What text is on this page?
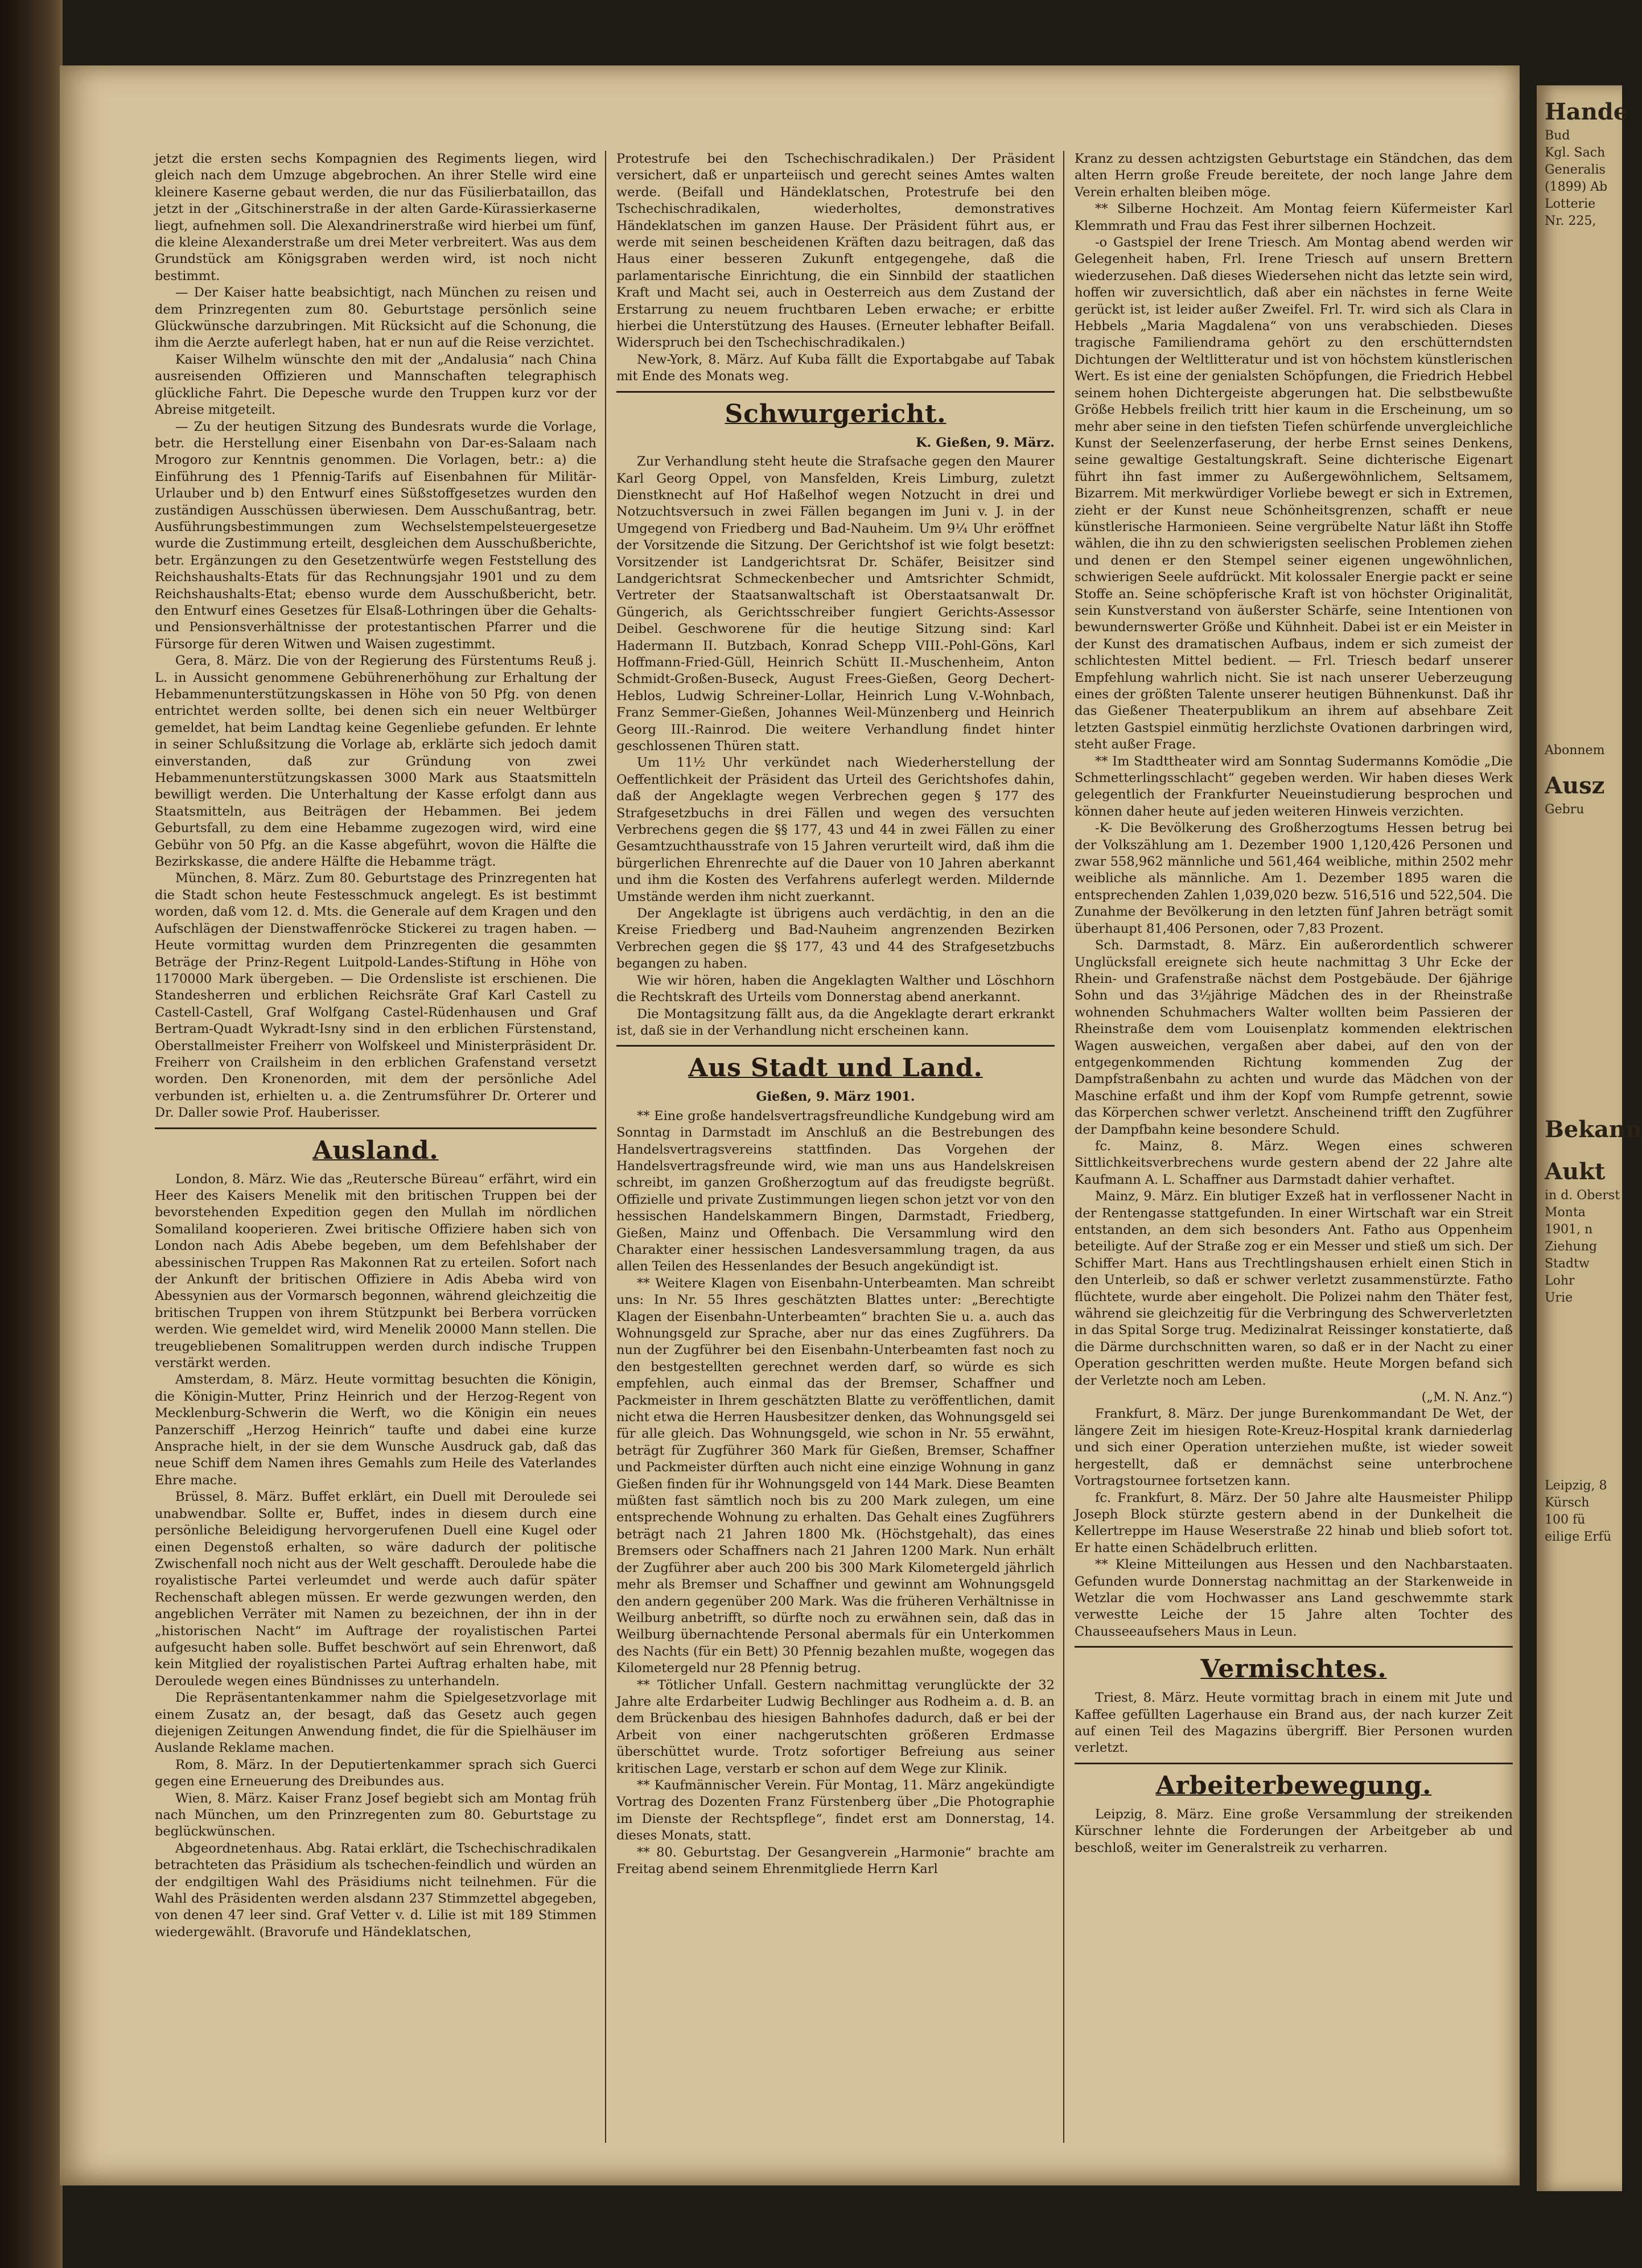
Hande
Bud
Kgl. Sach
Generalis
(1899) Ab
Lotterie
Nr. 225,
Abonnem
Ausz
Gebru
Bekann
Aukt
in d. Oberst
Monta
1901, n
Ziehung
Stadtw
Lohr
Urie
Leipzig, 8
Kürsch
100 fü
eilige Erfü

jetzt die ersten sechs Kompagnien des Regiments liegen, wird gleich nach dem Umzuge abgebrochen. An ihrer Stelle wird eine kleinere Kaserne gebaut werden, die nur das Füsilierbataillon, das jetzt in der „Gitschinerstraße in der alten Garde-Kürassierkaserne liegt, aufnehmen soll. Die Alexandrinerstraße wird hierbei um fünf, die kleine Alexanderstraße um drei Meter verbreitert. Was aus dem Grundstück am Königsgraben werden wird, ist noch nicht bestimmt.

— Der Kaiser hatte beabsichtigt, nach München zu reisen und dem Prinzregenten zum 80. Geburtstage persönlich seine Glückwünsche darzubringen. Mit Rücksicht auf die Schonung, die ihm die Aerzte auferlegt haben, hat er nun auf die Reise verzichtet.

Kaiser Wilhelm wünschte den mit der „Andalusia“ nach China ausreisenden Offizieren und Mannschaften telegraphisch glückliche Fahrt. Die Depesche wurde den Truppen kurz vor der Abreise mitgeteilt.

— Zu der heutigen Sitzung des Bundesrats wurde die Vorlage, betr. die Herstellung einer Eisenbahn von Dar-es-Salaam nach Mrogoro zur Kenntnis genommen. Die Vorlagen, betr.: a) die Einführung des 1 Pfennig-Tarifs auf Eisenbahnen für Militär-Urlauber und b) den Entwurf eines Süßstoffgesetzes wurden den zuständigen Ausschüssen überwiesen. Dem Ausschußantrag, betr. Ausführungsbestimmungen zum Wechselstempelsteuergesetze wurde die Zustimmung erteilt, desgleichen dem Ausschußberichte, betr. Ergänzungen zu den Gesetzentwürfe wegen Feststellung des Reichshaushalts-Etats für das Rechnungsjahr 1901 und zu dem Reichshaushalts-Etat; ebenso wurde dem Ausschußbericht, betr. den Entwurf eines Gesetzes für Elsaß-Lothringen über die Gehalts- und Pensionsverhältnisse der protestantischen Pfarrer und die Fürsorge für deren Witwen und Waisen zugestimmt.

Gera, 8. März. Die von der Regierung des Fürstentums Reuß j. L. in Aussicht genommene Gebührenerhöhung zur Erhaltung der Hebammenunterstützungskassen in Höhe von 50 Pfg. von denen entrichtet werden sollte, bei denen sich ein neuer Weltbürger gemeldet, hat beim Landtag keine Gegenliebe gefunden. Er lehnte in seiner Schlußsitzung die Vorlage ab, erklärte sich jedoch damit einverstanden, daß zur Gründung von zwei Hebammenunterstützungskassen 3000 Mark aus Staatsmitteln bewilligt werden. Die Unterhaltung der Kasse erfolgt dann aus Staatsmitteln, aus Beiträgen der Hebammen. Bei jedem Geburtsfall, zu dem eine Hebamme zugezogen wird, wird eine Gebühr von 50 Pfg. an die Kasse abgeführt, wovon die Hälfte die Bezirkskasse, die andere Hälfte die Hebamme trägt.

München, 8. März. Zum 80. Geburtstage des Prinzregenten hat die Stadt schon heute Festesschmuck angelegt. Es ist bestimmt worden, daß vom 12. d. Mts. die Generale auf dem Kragen und den Aufschlägen der Dienstwaffenröcke Stickerei zu tragen haben. — Heute vormittag wurden dem Prinzregenten die gesammten Beträge der Prinz-Regent Luitpold-Landes-Stiftung in Höhe von 1170000 Mark übergeben. — Die Ordensliste ist erschienen. Die Standesherren und erblichen Reichsräte Graf Karl Castell zu Castell-Castell, Graf Wolfgang Castel-Rüdenhausen und Graf Bertram-Quadt Wykradt-Isny sind in den erblichen Fürstenstand, Oberstallmeister Freiherr von Wolfskeel und Ministerpräsident Dr. Freiherr von Crailsheim in den erblichen Grafenstand versetzt worden. Den Kronenorden, mit dem der persönliche Adel verbunden ist, erhielten u. a. die Zentrumsführer Dr. Orterer und Dr. Daller sowie Prof. Hauberisser.

Ausland.

London, 8. März. Wie das „Reutersche Büreau“ erfährt, wird ein Heer des Kaisers Menelik mit den britischen Truppen bei der bevorstehenden Expedition gegen den Mullah im nördlichen Somaliland kooperieren. Zwei britische Offiziere haben sich von London nach Adis Abebe begeben, um dem Befehlshaber der abessinischen Truppen Ras Makonnen Rat zu erteilen. Sofort nach der Ankunft der britischen Offiziere in Adis Abeba wird von Abessynien aus der Vormarsch begonnen, während gleichzeitig die britischen Truppen von ihrem Stützpunkt bei Berbera vorrücken werden. Wie gemeldet wird, wird Menelik 20000 Mann stellen. Die treugebliebenen Somalitruppen werden durch indische Truppen verstärkt werden.

Amsterdam, 8. März. Heute vormittag besuchten die Königin, die Königin-Mutter, Prinz Heinrich und der Herzog-Regent von Mecklenburg-Schwerin die Werft, wo die Königin ein neues Panzerschiff „Herzog Heinrich“ taufte und dabei eine kurze Ansprache hielt, in der sie dem Wunsche Ausdruck gab, daß das neue Schiff dem Namen ihres Gemahls zum Heile des Vaterlandes Ehre mache.

Brüssel, 8. März. Buffet erklärt, ein Duell mit Deroulede sei unabwendbar. Sollte er, Buffet, indes in diesem durch eine persönliche Beleidigung hervorgerufenen Duell eine Kugel oder einen Degenstoß erhalten, so wäre dadurch der politische Zwischenfall noch nicht aus der Welt geschafft. Deroulede habe die royalistische Partei verleumdet und werde auch dafür später Rechenschaft ablegen müssen. Er werde gezwungen werden, den angeblichen Verräter mit Namen zu bezeichnen, der ihn in der „historischen Nacht“ im Auftrage der royalistischen Partei aufgesucht haben solle. Buffet beschwört auf sein Ehrenwort, daß kein Mitglied der royalistischen Partei Auftrag erhalten habe, mit Deroulede wegen eines Bündnisses zu unterhandeln.

Die Repräsentantenkammer nahm die Spielgesetzvorlage mit einem Zusatz an, der besagt, daß das Gesetz auch gegen diejenigen Zeitungen Anwendung findet, die für die Spielhäuser im Auslande Reklame machen.

Rom, 8. März. In der Deputiertenkammer sprach sich Guerci gegen eine Erneuerung des Dreibundes aus.

Wien, 8. März. Kaiser Franz Josef begiebt sich am Montag früh nach München, um den Prinzregenten zum 80. Geburtstage zu beglückwünschen.

Abgeordnetenhaus. Abg. Ratai erklärt, die Tschechischradikalen betrachteten das Präsidium als tschechen-feindlich und würden an der endgiltigen Wahl des Präsidiums nicht teilnehmen. Für die Wahl des Präsidenten werden alsdann 237 Stimmzettel abgegeben, von denen 47 leer sind. Graf Vetter v. d. Lilie ist mit 189 Stimmen wiedergewählt. (Bravorufe und Händeklatschen,

Protestrufe bei den Tschechischradikalen.) Der Präsident versichert, daß er unparteiisch und gerecht seines Amtes walten werde. (Beifall und Händeklatschen, Protestrufe bei den Tschechischradikalen, wiederholtes, demonstratives Händeklatschen im ganzen Hause. Der Präsident führt aus, er werde mit seinen bescheidenen Kräften dazu beitragen, daß das Haus einer besseren Zukunft entgegengehe, daß die parlamentarische Einrichtung, die ein Sinnbild der staatlichen Kraft und Macht sei, auch in Oesterreich aus dem Zustand der Erstarrung zu neuem fruchtbaren Leben erwache; er erbitte hierbei die Unterstützung des Hauses. (Erneuter lebhafter Beifall. Widerspruch bei den Tschechischradikalen.)

New-York, 8. März. Auf Kuba fällt die Exportabgabe auf Tabak mit Ende des Monats weg.

Schwurgericht.
K. Gießen, 9. März.

Zur Verhandlung steht heute die Strafsache gegen den Maurer Karl Georg Oppel, von Mansfelden, Kreis Limburg, zuletzt Dienstknecht auf Hof Haßelhof wegen Notzucht in drei und Notzuchtsversuch in zwei Fällen begangen im Juni v. J. in der Umgegend von Friedberg und Bad-Nauheim. Um 9¼ Uhr eröffnet der Vorsitzende die Sitzung. Der Gerichtshof ist wie folgt besetzt: Vorsitzender ist Landgerichtsrat Dr. Schäfer, Beisitzer sind Landgerichtsrat Schmeckenbecher und Amtsrichter Schmidt, Vertreter der Staatsanwaltschaft ist Oberstaatsanwalt Dr. Güngerich, als Gerichtsschreiber fungiert Gerichts-Assessor Deibel. Geschworene für die heutige Sitzung sind: Karl Hadermann II. Butzbach, Konrad Schepp VIII.-Pohl-Göns, Karl Hoffmann-Fried-Güll, Heinrich Schütt II.-Muschenheim, Anton Schmidt-Großen-Buseck, August Frees-Gießen, Georg Dechert-Heblos, Ludwig Schreiner-Lollar, Heinrich Lung V.-Wohnbach, Franz Semmer-Gießen, Johannes Weil-Münzenberg und Heinrich Georg III.-Rainrod. Die weitere Verhandlung findet hinter geschlossenen Thüren statt.

Um 11½ Uhr verkündet nach Wiederherstellung der Oeffentlichkeit der Präsident das Urteil des Gerichtshofes dahin, daß der Angeklagte wegen Verbrechen gegen § 177 des Strafgesetzbuchs in drei Fällen und wegen des versuchten Verbrechens gegen die §§ 177, 43 und 44 in zwei Fällen zu einer Gesamtzuchthausstrafe von 15 Jahren verurteilt wird, daß ihm die bürgerlichen Ehrenrechte auf die Dauer von 10 Jahren aberkannt und ihm die Kosten des Verfahrens auferlegt werden. Mildernde Umstände werden ihm nicht zuerkannt.

Der Angeklagte ist übrigens auch verdächtig, in den an die Kreise Friedberg und Bad-Nauheim angrenzenden Bezirken Verbrechen gegen die §§ 177, 43 und 44 des Strafgesetzbuchs begangen zu haben.

Wie wir hören, haben die Angeklagten Walther und Löschhorn die Rechtskraft des Urteils vom Donnerstag abend anerkannt.

Die Montagsitzung fällt aus, da die Angeklagte derart erkrankt ist, daß sie in der Verhandlung nicht erscheinen kann.

Aus Stadt und Land.
Gießen, 9. März 1901.

** Eine große handelsvertragsfreundliche Kundgebung wird am Sonntag in Darmstadt im Anschluß an die Bestrebungen des Handelsvertragsvereins stattfinden. Das Vorgehen der Handelsvertragsfreunde wird, wie man uns aus Handelskreisen schreibt, im ganzen Großherzogtum auf das freudigste begrüßt. Offizielle und private Zustimmungen liegen schon jetzt vor von den hessischen Handelskammern Bingen, Darmstadt, Friedberg, Gießen, Mainz und Offenbach. Die Versammlung wird den Charakter einer hessischen Landesversammlung tragen, da aus allen Teilen des Hessenlandes der Besuch angekündigt ist.

** Weitere Klagen von Eisenbahn-Unterbeamten. Man schreibt uns: In Nr. 55 Ihres geschätzten Blattes unter: „Berechtigte Klagen der Eisenbahn-Unterbeamten“ brachten Sie u. a. auch das Wohnungsgeld zur Sprache, aber nur das eines Zugführers. Da nun der Zugführer bei den Eisenbahn-Unterbeamten fast noch zu den bestgestellten gerechnet werden darf, so würde es sich empfehlen, auch einmal das der Bremser, Schaffner und Packmeister in Ihrem geschätzten Blatte zu veröffentlichen, damit nicht etwa die Herren Hausbesitzer denken, das Wohnungsgeld sei für alle gleich. Das Wohnungsgeld, wie schon in Nr. 55 erwähnt, beträgt für Zugführer 360 Mark für Gießen, Bremser, Schaffner und Packmeister dürften auch nicht eine einzige Wohnung in ganz Gießen finden für ihr Wohnungsgeld von 144 Mark. Diese Beamten müßten fast sämtlich noch bis zu 200 Mark zulegen, um eine entsprechende Wohnung zu erhalten. Das Gehalt eines Zugführers beträgt nach 21 Jahren 1800 Mk. (Höchstgehalt), das eines Bremsers oder Schaffners nach 21 Jahren 1200 Mark. Nun erhält der Zugführer aber auch 200 bis 300 Mark Kilometergeld jährlich mehr als Bremser und Schaffner und gewinnt am Wohnungsgeld den andern gegenüber 200 Mark. Was die früheren Verhältnisse in Weilburg anbetrifft, so dürfte noch zu erwähnen sein, daß das in Weilburg übernachtende Personal abermals für ein Unterkommen des Nachts (für ein Bett) 30 Pfennig bezahlen mußte, wogegen das Kilometergeld nur 28 Pfennig betrug.

** Tötlicher Unfall. Gestern nachmittag verunglückte der 32 Jahre alte Erdarbeiter Ludwig Bechlinger aus Rodheim a. d. B. an dem Brückenbau des hiesigen Bahnhofes dadurch, daß er bei der Arbeit von einer nachgerutschten größeren Erdmasse überschüttet wurde. Trotz sofortiger Befreiung aus seiner kritischen Lage, verstarb er schon auf dem Wege zur Klinik.

** Kaufmännischer Verein. Für Montag, 11. März angekündigte Vortrag des Dozenten Franz Fürstenberg über „Die Photographie im Dienste der Rechtspflege“, findet erst am Donnerstag, 14. dieses Monats, statt.

** 80. Geburtstag. Der Gesangverein „Harmonie“ brachte am Freitag abend seinem Ehrenmitgliede Herrn Karl

Kranz zu dessen achtzigsten Geburtstage ein Ständchen, das dem alten Herrn große Freude bereitete, der noch lange Jahre dem Verein erhalten bleiben möge.

** Silberne Hochzeit. Am Montag feiern Küfermeister Karl Klemmrath und Frau das Fest ihrer silbernen Hochzeit.

-o Gastspiel der Irene Triesch. Am Montag abend werden wir Gelegenheit haben, Frl. Irene Triesch auf unsern Brettern wiederzusehen. Daß dieses Wiedersehen nicht das letzte sein wird, hoffen wir zuversichtlich, daß aber ein nächstes in ferne Weite gerückt ist, ist leider außer Zweifel. Frl. Tr. wird sich als Clara in Hebbels „Maria Magdalena“ von uns verabschieden. Dieses tragische Familiendrama gehört zu den erschütterndsten Dichtungen der Weltlitteratur und ist von höchstem künstlerischen Wert. Es ist eine der genialsten Schöpfungen, die Friedrich Hebbel seinem hohen Dichtergeiste abgerungen hat. Die selbstbewußte Größe Hebbels freilich tritt hier kaum in die Erscheinung, um so mehr aber seine in den tiefsten Tiefen schürfende unvergleichliche Kunst der Seelenzerfaserung, der herbe Ernst seines Denkens, seine gewaltige Gestaltungskraft. Seine dichterische Eigenart führt ihn fast immer zu Außergewöhnlichem, Seltsamem, Bizarrem. Mit merkwürdiger Vorliebe bewegt er sich in Extremen, zieht er der Kunst neue Schönheitsgrenzen, schafft er neue künstlerische Harmonieen. Seine vergrübelte Natur läßt ihn Stoffe wählen, die ihn zu den schwierigsten seelischen Problemen ziehen und denen er den Stempel seiner eigenen ungewöhnlichen, schwierigen Seele aufdrückt. Mit kolossaler Energie packt er seine Stoffe an. Seine schöpferische Kraft ist von höchster Originalität, sein Kunstverstand von äußerster Schärfe, seine Intentionen von bewundernswerter Größe und Kühnheit. Dabei ist er ein Meister in der Kunst des dramatischen Aufbaus, indem er sich zumeist der schlichtesten Mittel bedient. — Frl. Triesch bedarf unserer Empfehlung wahrlich nicht. Sie ist nach unserer Ueberzeugung eines der größten Talente unserer heutigen Bühnenkunst. Daß ihr das Gießener Theaterpublikum an ihrem auf absehbare Zeit letzten Gastspiel einmütig herzlichste Ovationen darbringen wird, steht außer Frage.

** Im Stadttheater wird am Sonntag Sudermanns Komödie „Die Schmetterlingsschlacht“ gegeben werden. Wir haben dieses Werk gelegentlich der Frankfurter Neueinstudierung besprochen und können daher heute auf jeden weiteren Hinweis verzichten.

-K- Die Bevölkerung des Großherzogtums Hessen betrug bei der Volkszählung am 1. Dezember 1900 1,120,426 Personen und zwar 558,962 männliche und 561,464 weibliche, mithin 2502 mehr weibliche als männliche. Am 1. Dezember 1895 waren die entsprechenden Zahlen 1,039,020 bezw. 516,516 und 522,504. Die Zunahme der Bevölkerung in den letzten fünf Jahren beträgt somit überhaupt 81,406 Personen, oder 7,83 Prozent.

Sch. Darmstadt, 8. März. Ein außerordentlich schwerer Unglücksfall ereignete sich heute nachmittag 3 Uhr Ecke der Rhein- und Grafenstraße nächst dem Postgebäude. Der 6jährige Sohn und das 3½jährige Mädchen des in der Rheinstraße wohnenden Schuhmachers Walter wollten beim Passieren der Rheinstraße dem vom Louisenplatz kommenden elektrischen Wagen ausweichen, vergaßen aber dabei, auf den von der entgegenkommenden Richtung kommenden Zug der Dampfstraßenbahn zu achten und wurde das Mädchen von der Maschine erfaßt und ihm der Kopf vom Rumpfe getrennt, sowie das Körperchen schwer verletzt. Anscheinend trifft den Zugführer der Dampfbahn keine besondere Schuld.

fc. Mainz, 8. März. Wegen eines schweren Sittlichkeitsverbrechens wurde gestern abend der 22 Jahre alte Kaufmann A. L. Schaffner aus Darmstadt dahier verhaftet.

Mainz, 9. März. Ein blutiger Exzeß hat in verflossener Nacht in der Rentengasse stattgefunden. In einer Wirtschaft war ein Streit entstanden, an dem sich besonders Ant. Fatho aus Oppenheim beteiligte. Auf der Straße zog er ein Messer und stieß um sich. Der Schiffer Mart. Hans aus Trechtlingshausen erhielt einen Stich in den Unterleib, so daß er schwer verletzt zusammenstürzte. Fatho flüchtete, wurde aber eingeholt. Die Polizei nahm den Thäter fest, während sie gleichzeitig für die Verbringung des Schwerverletzten in das Spital Sorge trug. Medizinalrat Reissinger konstatierte, daß die Därme durchschnitten waren, so daß er in der Nacht zu einer Operation geschritten werden mußte. Heute Morgen befand sich der Verletzte noch am Leben.

(„M. N. Anz.“)

Frankfurt, 8. März. Der junge Burenkommandant De Wet, der längere Zeit im hiesigen Rote-Kreuz-Hospital krank darniederlag und sich einer Operation unterziehen mußte, ist wieder soweit hergestellt, daß er demnächst seine unterbrochene Vortragstournee fortsetzen kann.

fc. Frankfurt, 8. März. Der 50 Jahre alte Hausmeister Philipp Joseph Block stürzte gestern abend in der Dunkelheit die Kellertreppe im Hause Weserstraße 22 hinab und blieb sofort tot. Er hatte einen Schädelbruch erlitten.

** Kleine Mitteilungen aus Hessen und den Nachbarstaaten. Gefunden wurde Donnerstag nachmittag an der Starkenweide in Wetzlar die vom Hochwasser ans Land geschwemmte stark verwestte Leiche der 15 Jahre alten Tochter des Chausseeaufsehers Maus in Leun.

Vermischtes.

Triest, 8. März. Heute vormittag brach in einem mit Jute und Kaffee gefüllten Lagerhause ein Brand aus, der nach kurzer Zeit auf einen Teil des Magazins übergriff. Bier Personen wurden verletzt.

Arbeiterbewegung.

Leipzig, 8. März. Eine große Versammlung der streikenden Kürschner lehnte die Forderungen der Arbeitgeber ab und beschloß, weiter im Generalstreik zu verharren.
